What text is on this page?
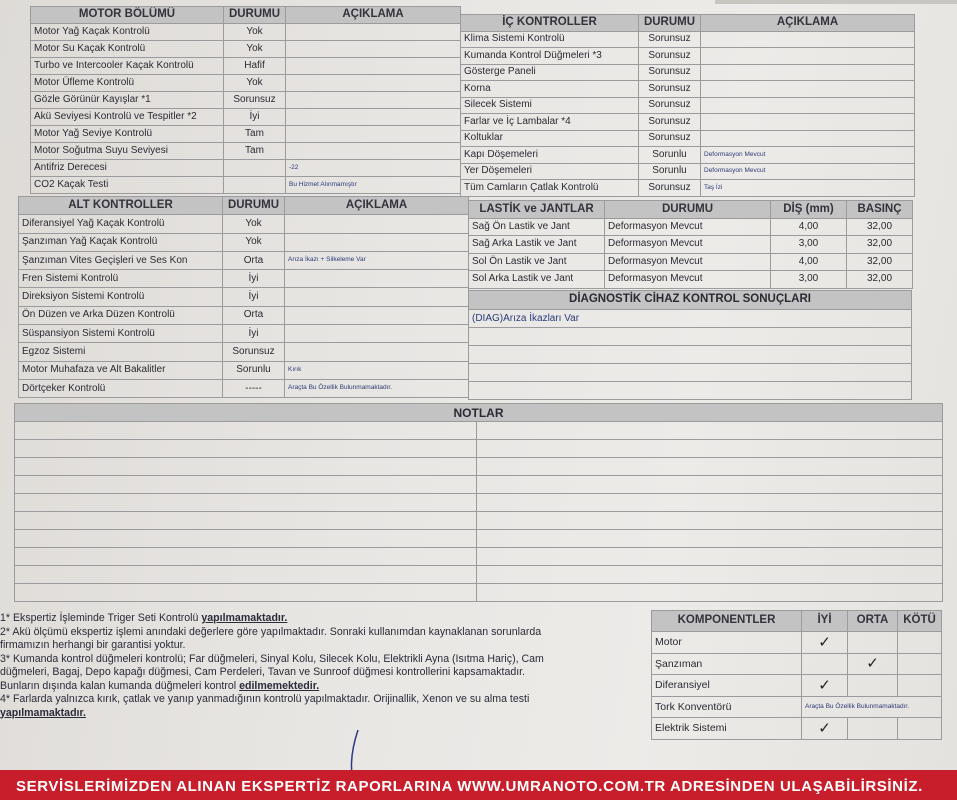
MOTOR BÖLÜMÜ	DURUMU	AÇIKLAMA
Motor Yağ Kaçak Kontrolü	Yok	
Motor Su Kaçak Kontrolü	Yok	
Turbo ve Intercooler Kaçak Kontrolü	Hafif	
Motor Üfleme Kontrolü	Yok	
Gözle Görünür Kayışlar *1	Sorunsuz	
Akü Seviyesi Kontrolü ve Tespitler *2	İyi	
Motor Yağ Seviye Kontrolü	Tam	
Motor Soğutma Suyu Seviyesi	Tam	
Antifriz Derecesi		-22
CO2 Kaçak Testi		Bu Hizmet Alınmamıştır
İÇ KONTROLLER	DURUMU	AÇIKLAMA
Klima Sistemi Kontrolü	Sorunsuz	
Kumanda Kontrol Düğmeleri *3	Sorunsuz	
Gösterge Paneli	Sorunsuz	
Korna	Sorunsuz	
Silecek Sistemi	Sorunsuz	
Farlar ve İç Lambalar *4	Sorunsuz	
Koltuklar	Sorunsuz	
Kapı Döşemeleri	Sorunlu	Deformasyon Mevcut
Yer Döşemeleri	Sorunlu	Deformasyon Mevcut
Tüm Camların Çatlak Kontrolü	Sorunsuz	Taş İzi
ALT KONTROLLER	DURUMU	AÇIKLAMA
Diferansiyel Yağ Kaçak Kontrolü	Yok	
Şanzıman Yağ Kaçak Kontrolü	Yok	
Şanzıman Vites Geçişleri ve Ses Kon	Orta	Arıza İkazı + Silkeleme Var
Fren Sistemi Kontrolü	İyi	
Direksiyon Sistemi Kontrolü	İyi	
Ön Düzen ve Arka Düzen Kontrolü	Orta	
Süspansiyon Sistemi Kontrolü	İyi	
Egzoz Sistemi	Sorunsuz	
Motor Muhafaza ve Alt Bakalitler	Sorunlu	Kırık
Dörtçeker Kontrolü	-----	Araçta Bu Özellik Bulunmamaktadır.
LASTİK ve JANTLAR	DURUMU	DİŞ (mm)	BASINÇ
Sağ Ön Lastik ve Jant	Deformasyon Mevcut	4,00	32,00
Sağ Arka Lastik ve Jant	Deformasyon Mevcut	3,00	32,00
Sol Ön Lastik ve Jant	Deformasyon Mevcut	4,00	32,00
Sol Arka Lastik ve Jant	Deformasyon Mevcut	3,00	32,00
DİAGNOSTİK CİHAZ KONTROL SONUÇLARI
(DIAG)Arıza İkazları Var

NOTLAR	

1* Ekspertiz İşleminde Triger Seti Kontrolü yapılmamaktadır.

2* Akü ölçümü ekspertiz işlemi anındaki değerlere göre yapılmaktadır. Sonraki kullanımdan kaynaklanan sorunlarda

firmamızın herhangi bir garantisi yoktur.

3* Kumanda kontrol düğmeleri kontrolü; Far düğmeleri, Sinyal Kolu, Silecek Kolu, Elektrikli Ayna (Isıtma Hariç), Cam

düğmeleri, Bagaj, Depo kapağı düğmesi, Cam Perdeleri, Tavan ve Sunroof düğmesi kontrollerini kapsamaktadır.

Bunların dışında kalan kumanda düğmeleri kontrol edilmemektedir.

4* Farlarda yalnızca kırık, çatlak ve yanıp yanmadığının kontrolü yapılmaktadır. Orijinallik, Xenon ve su alma testi

yapılmamaktadır.

KOMPONENTLER	İYİ	ORTA	KÖTÜ
Motor	✓		
Şanzıman		✓	
Diferansiyel	✓		
Tork Konventörü	Araçta Bu Özellik Bulunmamaktadır.		
Elektrik Sistemi	✓		
SERVİSLERİMİZDEN ALINAN EKSPERTİZ RAPORLARINA WWW.UMRANOTO.COM.TR ADRESİNDEN ULAŞABİLİRSİNİZ.
